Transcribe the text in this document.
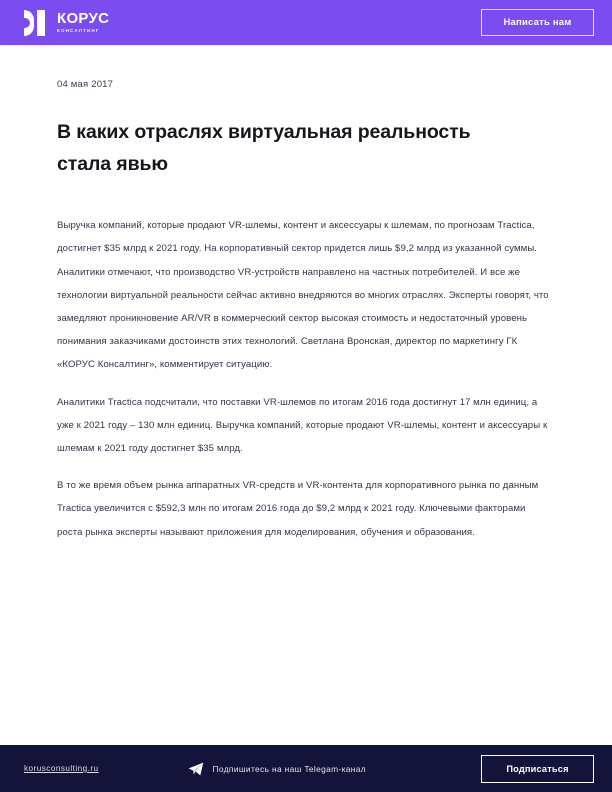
КОРУС
КОНСАЛТИНГ
Написать нам
04 мая 2017
В каких отраслях виртуальная реальность стала явью

Выручка компаний, которые продают VR-шлемы, контент и аксессуары к шлемам, по прогнозам Tractica, достигнет $35 млрд к 2021 году. На корпоративный сектор придется лишь $9,2 млрд из указанной суммы. Аналитики отмечают, что производство VR-устройств направлено на частных потребителей. И все же технологии виртуальной реальности сейчас активно внедряются во многих отраслях. Эксперты говорят, что замедляют проникновение AR/VR в коммерческий сектор высокая стоимость и недостаточный уровень понимания заказчиками достоинств этих технологий. Светлана Вронская, директор по маркетингу ГК «КОРУС Консалтинг», комментирует ситуацию.

Аналитики Tractica подсчитали, что поставки VR-шлемов по итогам 2016 года достигнут 17 млн единиц, а уже к 2021 году – 130 млн единиц. Выручка компаний, которые продают VR-шлемы, контент и аксессуары к шлемам к 2021 году достигнет $35 млрд.

В то же время объем рынка аппаратных VR-средств и VR-контента для корпоративного рынка по данным Tractica увеличится с $592,3 млн по итогам 2016 года до $9,2 млрд к 2021 году. Ключевыми факторами роста рынка эксперты называют приложения для моделирования, обучения и образования.

korusconsulting.ru	Подпишитесь на наш Telegam-канал	Подписаться
